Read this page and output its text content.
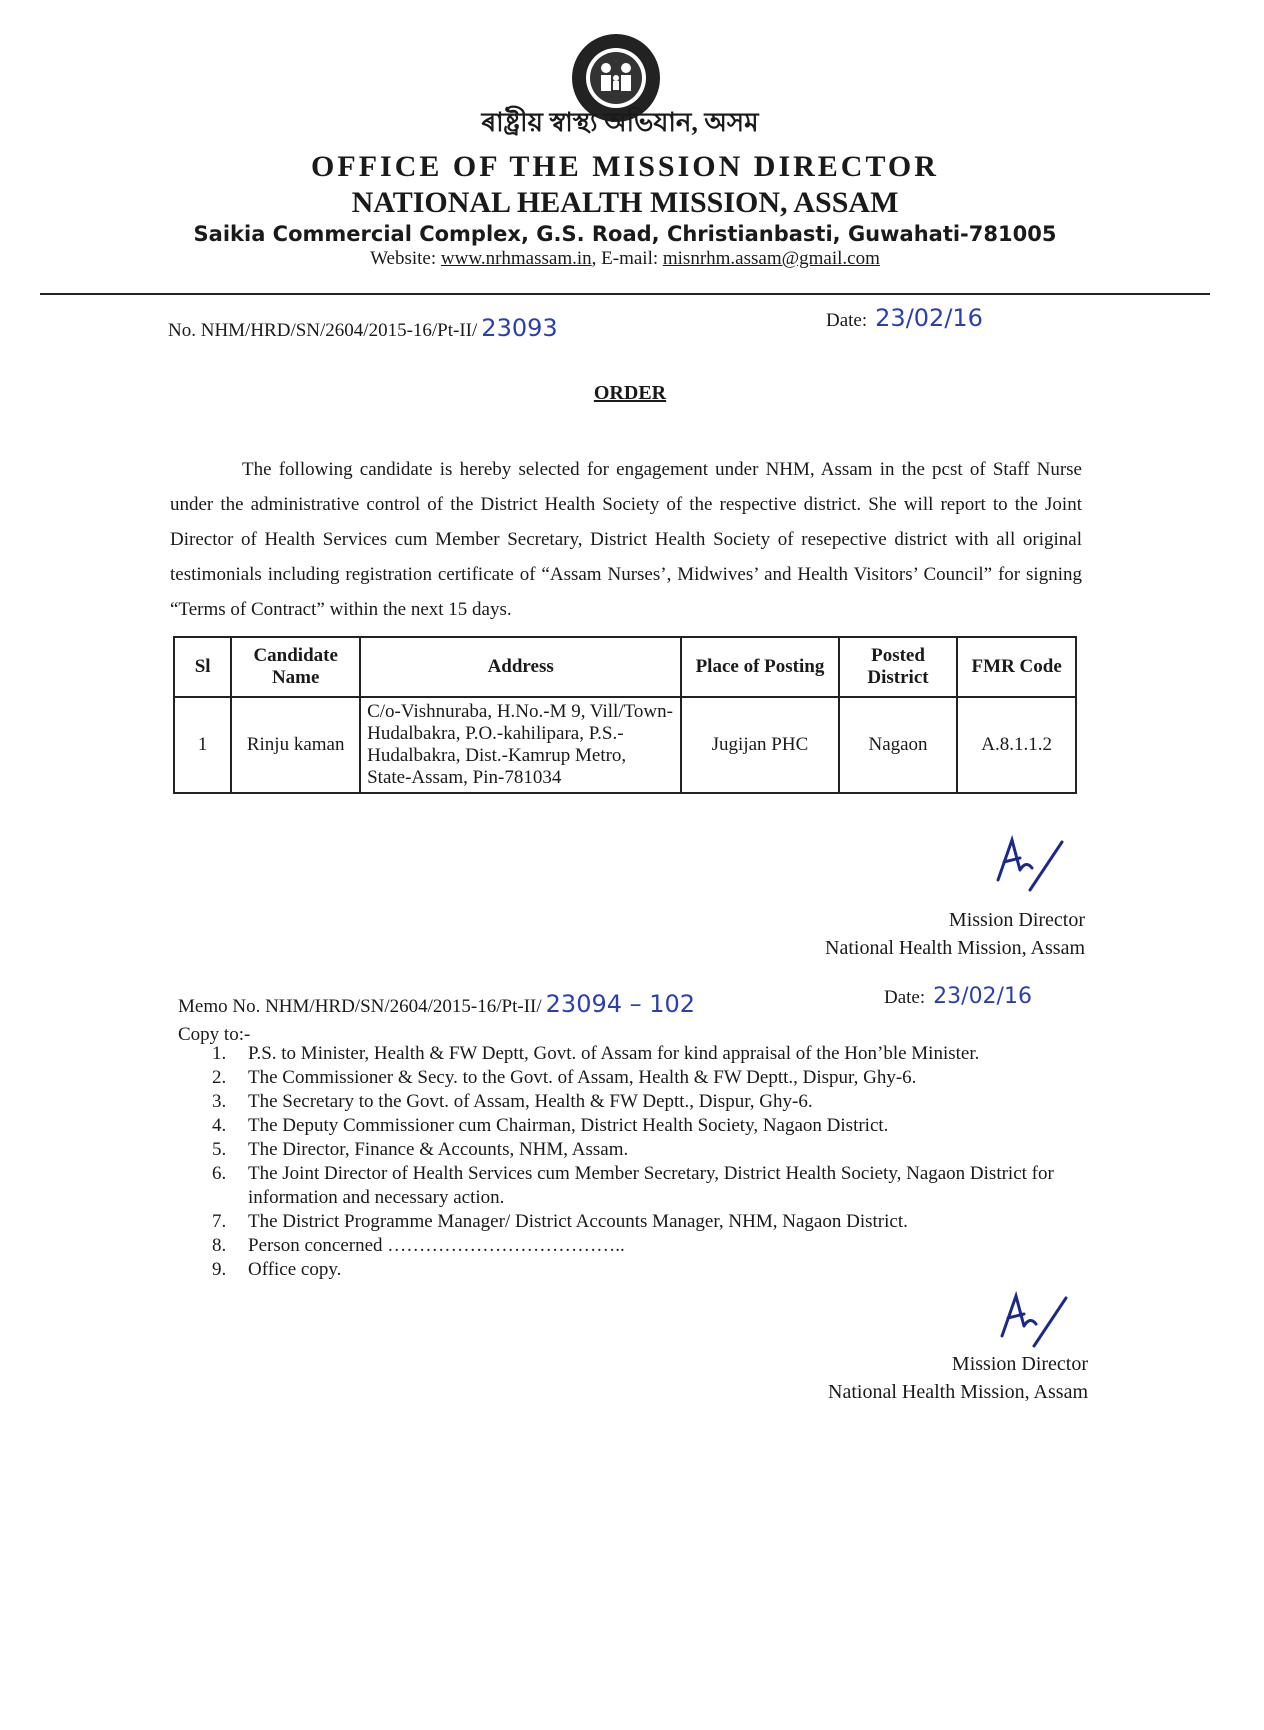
ৰাষ্ট্ৰীয় স্বাস্থ্য অভিযান, অসম
OFFICE OF THE MISSION DIRECTOR
NATIONAL HEALTH MISSION, ASSAM
Saikia Commercial Complex, G.S. Road, Christianbasti, Guwahati-781005
Website: www.nrhmassam.in, E-mail: misnrhm.assam@gmail.com
No. NHM/HRD/SN/2604/2015-16/Pt-II/ 23093	Date: 23/02/16
ORDER
The following candidate is hereby selected for engagement under NHM, Assam in the pcst of Staff Nurse under the administrative control of the District Health Society of the respective district. She will report to the Joint Director of Health Services cum Member Secretary, District Health Society of resepective district with all original testimonials including registration certificate of “Assam Nurses’, Midwives’ and Health Visitors’ Council” for signing “Terms of Contract” within the next 15 days.
Sl	Candidate Name	Address	Place of Posting	Posted District	FMR Code
1	Rinju kaman	C/o-Vishnuraba, H.No.-M 9, Vill/Town-Hudalbakra, P.O.-kahilipara, P.S.-Hudalbakra, Dist.-Kamrup Metro, State-Assam, Pin-781034	Jugijan PHC	Nagaon	A.8.1.1.2
Mission Director
National Health Mission, Assam
Memo No. NHM/HRD/SN/2604/2015-16/Pt-II/ 23094 – 102	Date: 23/02/16
Copy to:-
1. P.S. to Minister, Health & FW Deptt, Govt. of Assam for kind appraisal of the Hon’ble Minister.
2. The Commissioner & Secy. to the Govt. of Assam, Health & FW Deptt., Dispur, Ghy-6.
3. The Secretary to the Govt. of Assam, Health & FW Deptt., Dispur, Ghy-6.
4. The Deputy Commissioner cum Chairman, District Health Society, Nagaon District.
5. The Director, Finance & Accounts, NHM, Assam.
6. The Joint Director of Health Services cum Member Secretary, District Health Society, Nagaon District for information and necessary action.
7. The District Programme Manager/ District Accounts Manager, NHM, Nagaon District.
8. Person concerned ………………………………..
9. Office copy.
Mission Director
National Health Mission, Assam
